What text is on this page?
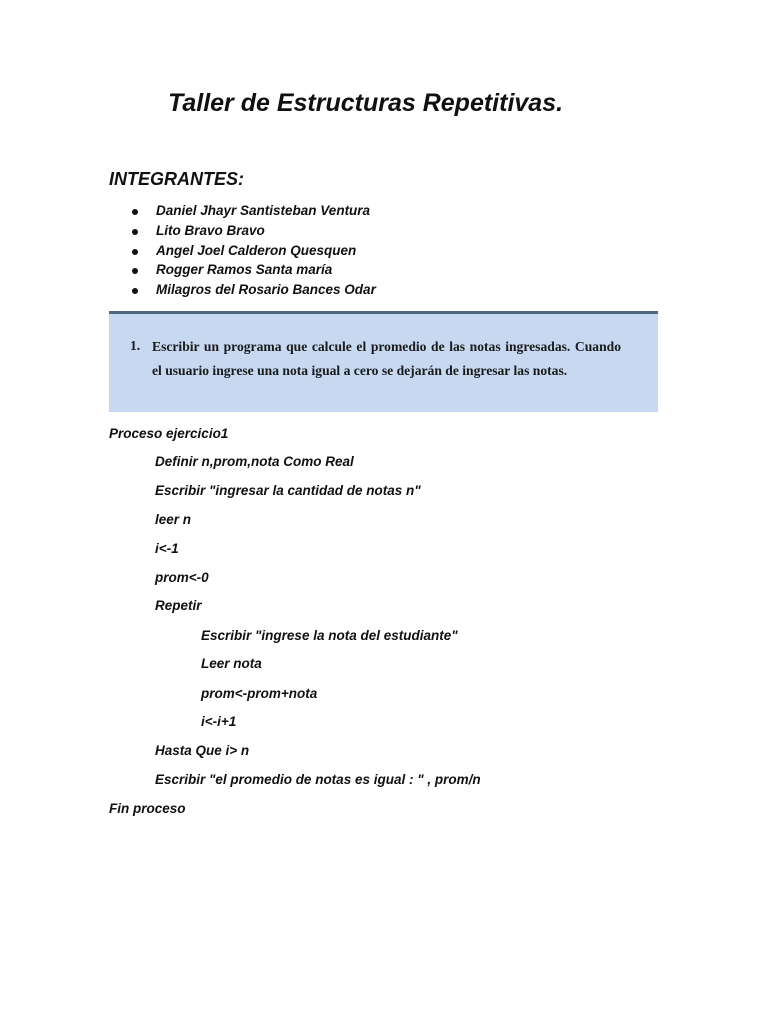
Taller de Estructuras Repetitivas.
INTEGRANTES:
Daniel Jhayr Santisteban Ventura
Lito Bravo Bravo
Angel Joel Calderon Quesquen
Rogger Ramos Santa maría
Milagros del Rosario Bances Odar
1. Escribir un programa que calcule el promedio de las notas ingresadas. Cuando el usuario ingrese una nota igual a cero se dejarán de ingresar las notas.

Proceso ejercicio1

Definir n,prom,nota Como Real

Escribir "ingresar la cantidad de notas n"

leer n

i<-1

prom<-0

Repetir

Escribir "ingrese la nota del estudiante"

Leer nota

prom<-prom+nota

i<-i+1

Hasta Que i> n

Escribir "el promedio de notas es igual : " , prom/n

Fin proceso
